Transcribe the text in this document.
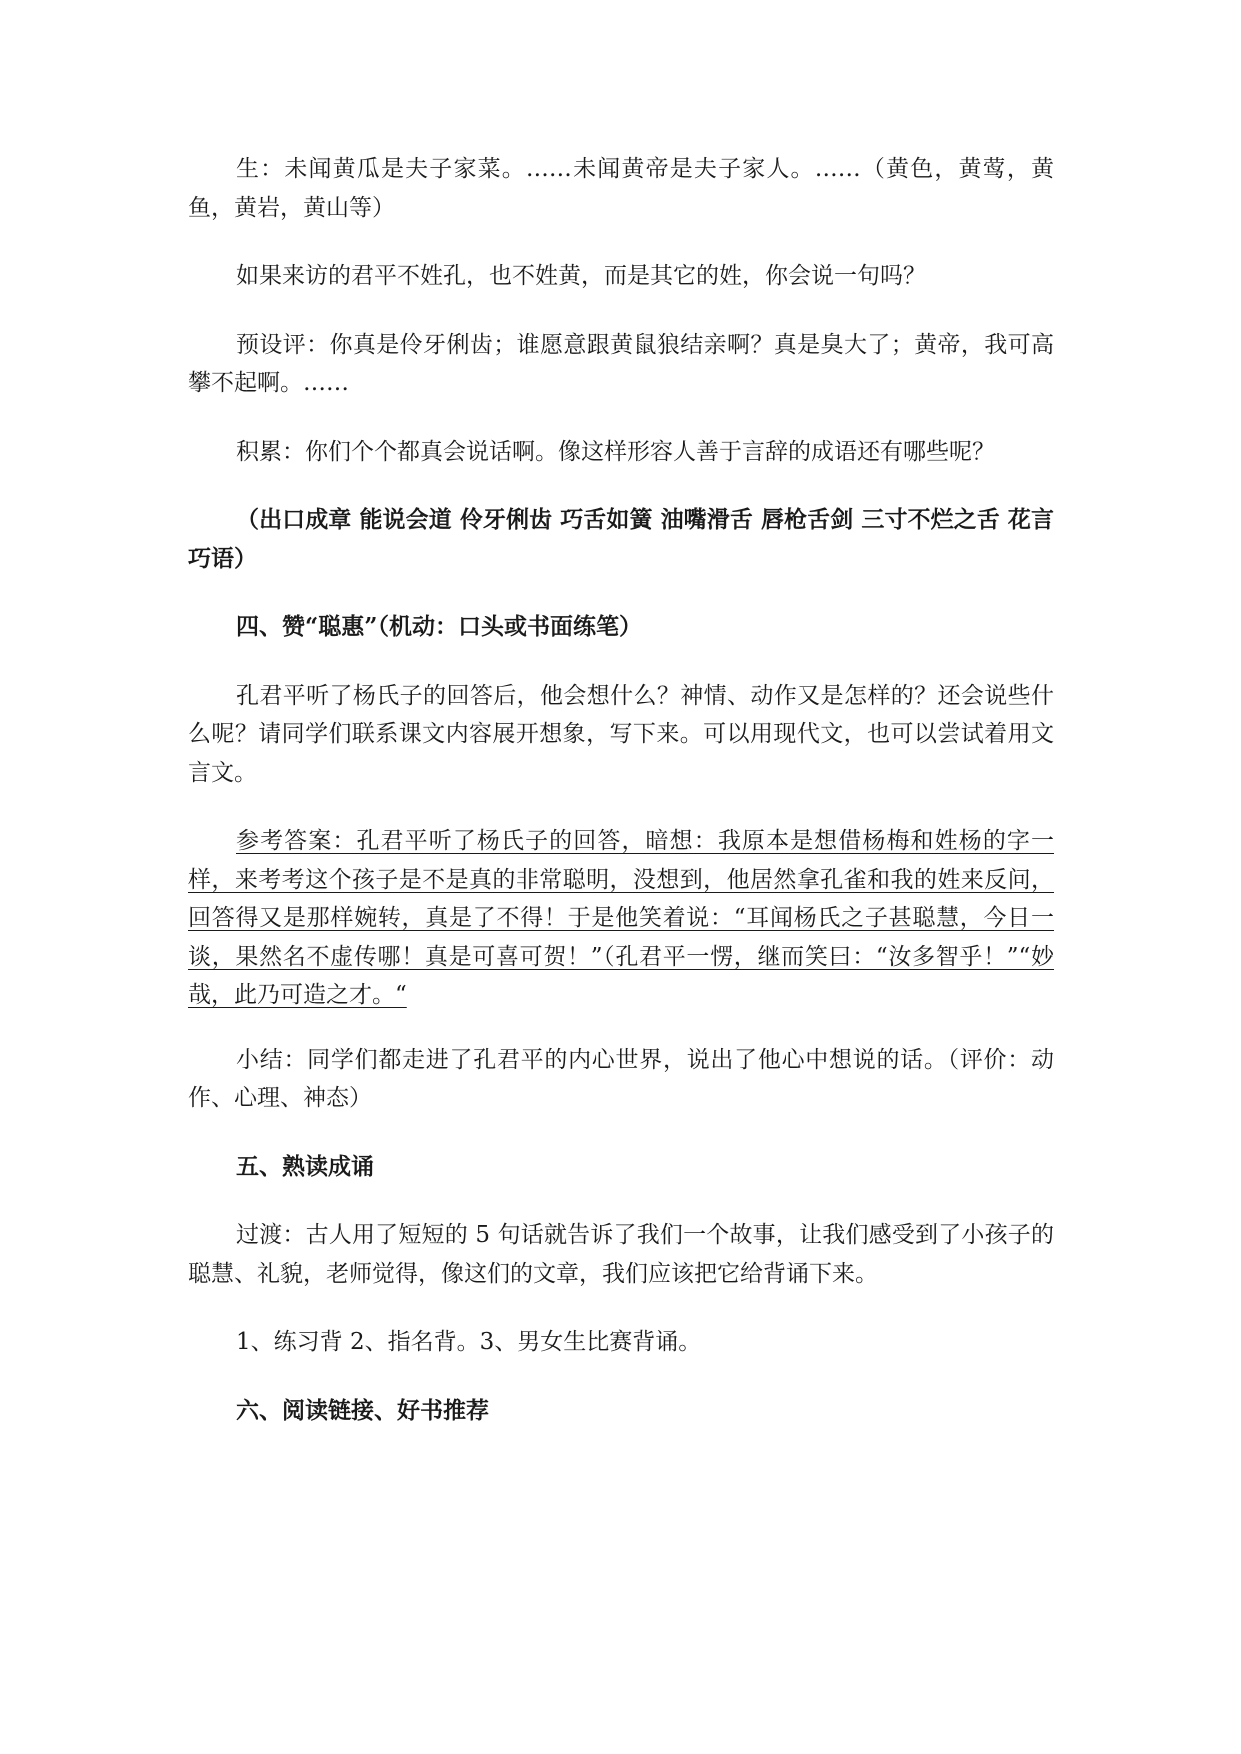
生：未闻黄瓜是夫子家菜。……未闻黄帝是夫子家人。……（黄色，黄莺，黄鱼，黄岩，黄山等）

如果来访的君平不姓孔，也不姓黄，而是其它的姓，你会说一句吗？

预设评：你真是伶牙俐齿；谁愿意跟黄鼠狼结亲啊？真是臭大了；黄帝，我可高攀不起啊。……

积累：你们个个都真会说话啊。像这样形容人善于言辞的成语还有哪些呢？

（出口成章 能说会道 伶牙俐齿 巧舌如簧 油嘴滑舌 唇枪舌剑 三寸不烂之舌 花言巧语）

四、赞“聪惠”（机动：口头或书面练笔）

孔君平听了杨氏子的回答后，他会想什么？神情、动作又是怎样的？还会说些什么呢？请同学们联系课文内容展开想象，写下来。可以用现代文，也可以尝试着用文言文。

参考答案：孔君平听了杨氏子的回答，暗想：我原本是想借杨梅和姓杨的字一样，来考考这个孩子是不是真的非常聪明，没想到，他居然拿孔雀和我的姓来反问，回答得又是那样婉转，真是了不得！于是他笑着说：“耳闻杨氏之子甚聪慧，今日一谈，果然名不虚传哪！真是可喜可贺！”（孔君平一愣，继而笑曰：“汝多智乎！”“妙哉，此乃可造之才。“

小结：同学们都走进了孔君平的内心世界，说出了他心中想说的话。（评价：动作、心理、神态）

五、熟读成诵

过渡：古人用了短短的 5 句话就告诉了我们一个故事，让我们感受到了小孩子的聪慧、礼貌，老师觉得，像这们的文章，我们应该把它给背诵下来。

1、练习背 2、指名背。3、男女生比赛背诵。

六、阅读链接、好书推荐
